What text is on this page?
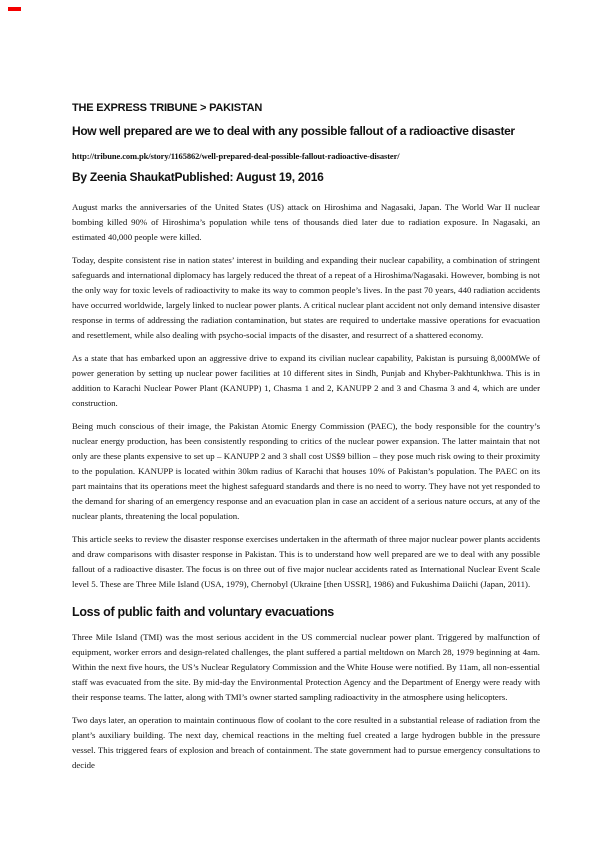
THE EXPRESS TRIBUNE > PAKISTAN
How well prepared are we to deal with any possible fallout of a radioactive disaster
http://tribune.com.pk/story/1165862/well-prepared-deal-possible-fallout-radioactive-disaster/
By Zeenia ShaukatPublished: August 19, 2016

August marks the anniversaries of the United States (US) attack on Hiroshima and Nagasaki, Japan. The World War II nuclear bombing killed 90% of Hiroshima’s population while tens of thousands died later due to radiation exposure. In Nagasaki, an estimated 40,000 people were killed.

Today, despite consistent rise in nation states’ interest in building and expanding their nuclear capability, a combination of stringent safeguards and international diplomacy has largely reduced the threat of a repeat of a Hiroshima/Nagasaki. However, bombing is not the only way for toxic levels of radioactivity to make its way to common people’s lives. In the past 70 years, 440 radiation accidents have occurred worldwide, largely linked to nuclear power plants. A critical nuclear plant accident not only demand intensive disaster response in terms of addressing the radiation contamination, but states are required to undertake massive operations for evacuation and resettlement, while also dealing with psycho-social impacts of the disaster, and resurrect of a shattered economy.

As a state that has embarked upon an aggressive drive to expand its civilian nuclear capability, Pakistan is pursuing 8,000MWe of power generation by setting up nuclear power facilities at 10 different sites in Sindh, Punjab and Khyber-Pakhtunkhwa. This is in addition to Karachi Nuclear Power Plant (KANUPP) 1, Chasma 1 and 2, KANUPP 2 and 3 and Chasma 3 and 4, which are under construction.

Being much conscious of their image, the Pakistan Atomic Energy Commission (PAEC), the body responsible for the country’s nuclear energy production, has been consistently responding to critics of the nuclear power expansion. The latter maintain that not only are these plants expensive to set up – KANUPP 2 and 3 shall cost US$9 billion – they pose much risk owing to their proximity to the population. KANUPP is located within 30km radius of Karachi that houses 10% of Pakistan’s population. The PAEC on its part maintains that its operations meet the highest safeguard standards and there is no need to worry. They have not yet responded to the demand for sharing of an emergency response and an evacuation plan in case an accident of a serious nature occurs, at any of the nuclear plants, threatening the local population.

This article seeks to review the disaster response exercises undertaken in the aftermath of three major nuclear power plants accidents and draw comparisons with disaster response in Pakistan. This is to understand how well prepared are we to deal with any possible fallout of a radioactive disaster. The focus is on three out of five major nuclear accidents rated as International Nuclear Event Scale level 5. These are Three Mile Island (USA, 1979), Chernobyl (Ukraine [then USSR], 1986) and Fukushima Daiichi (Japan, 2011).

Loss of public faith and voluntary evacuations

Three Mile Island (TMI) was the most serious accident in the US commercial nuclear power plant. Triggered by malfunction of equipment, worker errors and design-related challenges, the plant suffered a partial meltdown on March 28, 1979 beginning at 4am. Within the next five hours, the US’s Nuclear Regulatory Commission and the White House were notified. By 11am, all non-essential staff was evacuated from the site. By mid-day the Environmental Protection Agency and the Department of Energy were ready with their response teams. The latter, along with TMI’s owner started sampling radioactivity in the atmosphere using helicopters.

Two days later, an operation to maintain continuous flow of coolant to the core resulted in a substantial release of radiation from the plant’s auxiliary building. The next day, chemical reactions in the melting fuel created a large hydrogen bubble in the pressure vessel. This triggered fears of explosion and breach of containment. The state government had to pursue emergency consultations to decide
